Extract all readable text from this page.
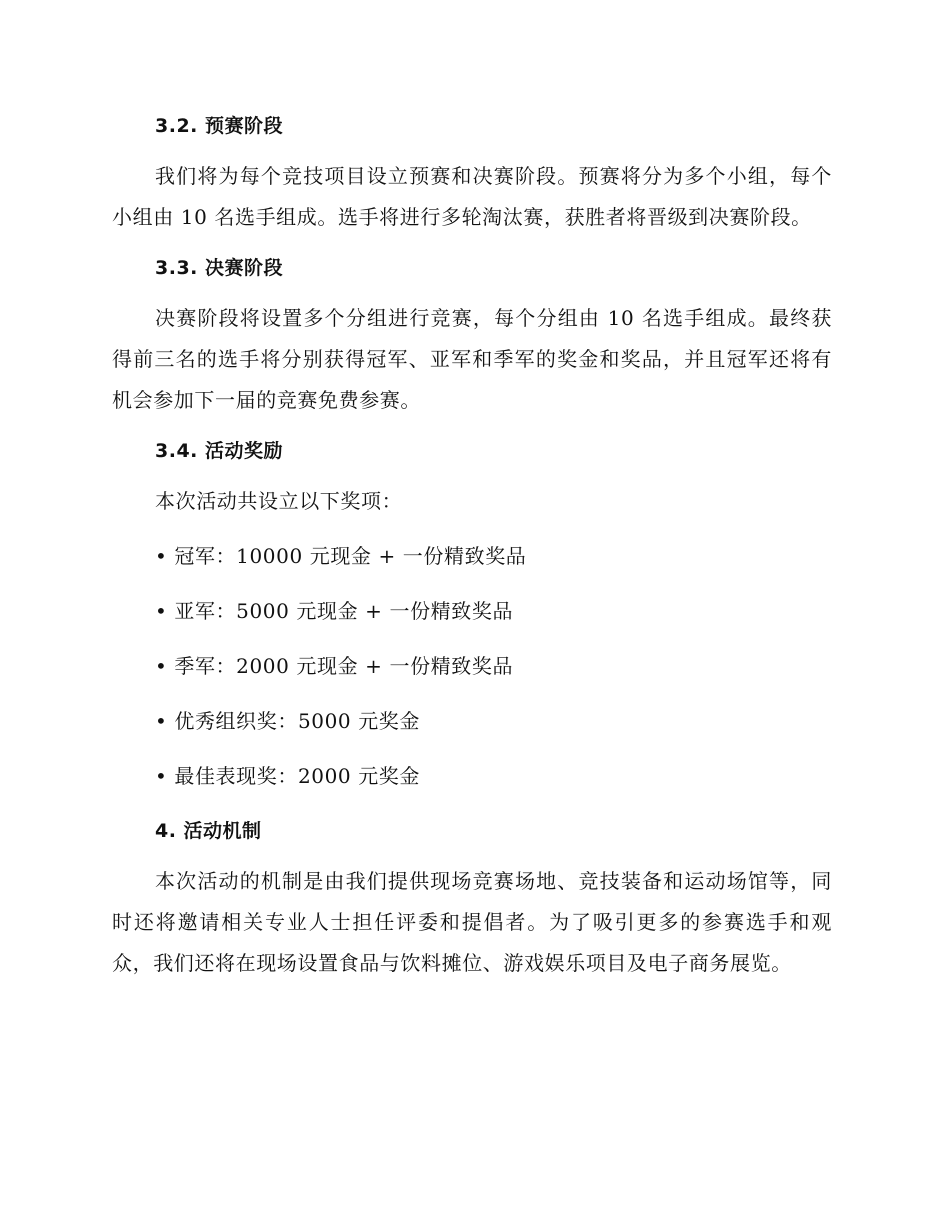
3.2. 预赛阶段
我们将为每个竞技项目设立预赛和决赛阶段。预赛将分为多个小组，每个小组由 10 名选手组成。选手将进行多轮淘汰赛，获胜者将晋级到决赛阶段。
3.3. 决赛阶段
决赛阶段将设置多个分组进行竞赛，每个分组由 10 名选手组成。最终获得前三名的选手将分别获得冠军、亚军和季军的奖金和奖品，并且冠军还将有机会参加下一届的竞赛免费参赛。
3.4. 活动奖励
本次活动共设立以下奖项：
• 冠军：10000 元现金 + 一份精致奖品
• 亚军：5000 元现金 + 一份精致奖品
• 季军：2000 元现金 + 一份精致奖品
• 优秀组织奖：5000 元奖金
• 最佳表现奖：2000 元奖金
4. 活动机制
本次活动的机制是由我们提供现场竞赛场地、竞技装备和运动场馆等，同时还将邀请相关专业人士担任评委和提倡者。为了吸引更多的参赛选手和观众，我们还将在现场设置食品与饮料摊位、游戏娱乐项目及电子商务展览。
